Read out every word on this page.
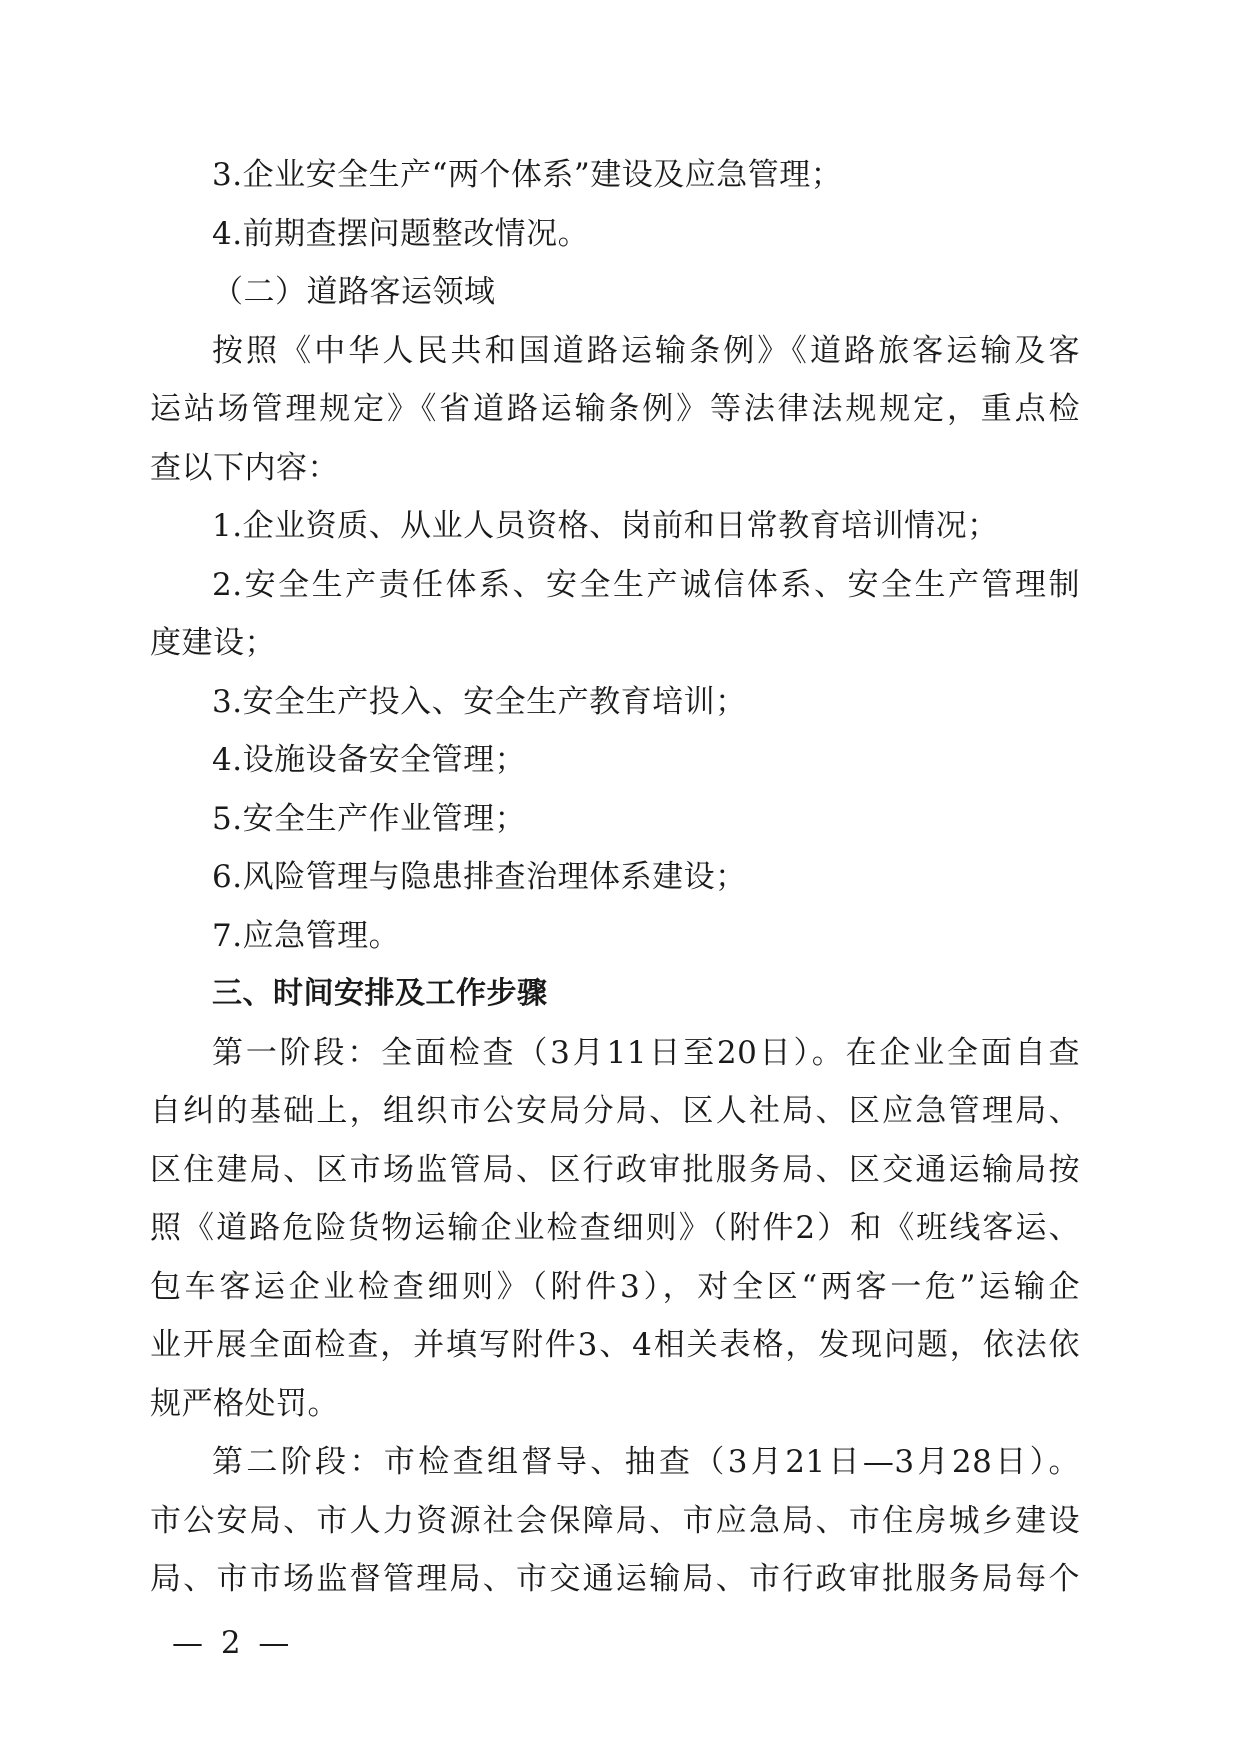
3.企业安全生产“两个体系”建设及应急管理；
4.前期查摆问题整改情况。
（二）道路客运领域
按照《中华人民共和国道路运输条例》《道路旅客运输及客
运站场管理规定》《省道路运输条例》等法律法规规定，重点检
查以下内容：
1.企业资质、从业人员资格、岗前和日常教育培训情况；
2.安全生产责任体系、安全生产诚信体系、安全生产管理制
度建设；
3.安全生产投入、安全生产教育培训；
4.设施设备安全管理；
5.安全生产作业管理；
6.风险管理与隐患排查治理体系建设；
7.应急管理。
三、时间安排及工作步骤
第一阶段：全面检查（3月11日至20日）。在企业全面自查
自纠的基础上，组织市公安局分局、区人社局、区应急管理局、
区住建局、区市场监管局、区行政审批服务局、区交通运输局按
照《道路危险货物运输企业检查细则》（附件2）和《班线客运、
包车客运企业检查细则》（附件3），对全区“两客一危”运输企
业开展全面检查，并填写附件3、4相关表格，发现问题，依法依
规严格处罚。
第二阶段：市检查组督导、抽查（3月21日—3月28日）。
市公安局、市人力资源社会保障局、市应急局、市住房城乡建设
局、市市场监督管理局、市交通运输局、市行政审批服务局每个
— 2 —
